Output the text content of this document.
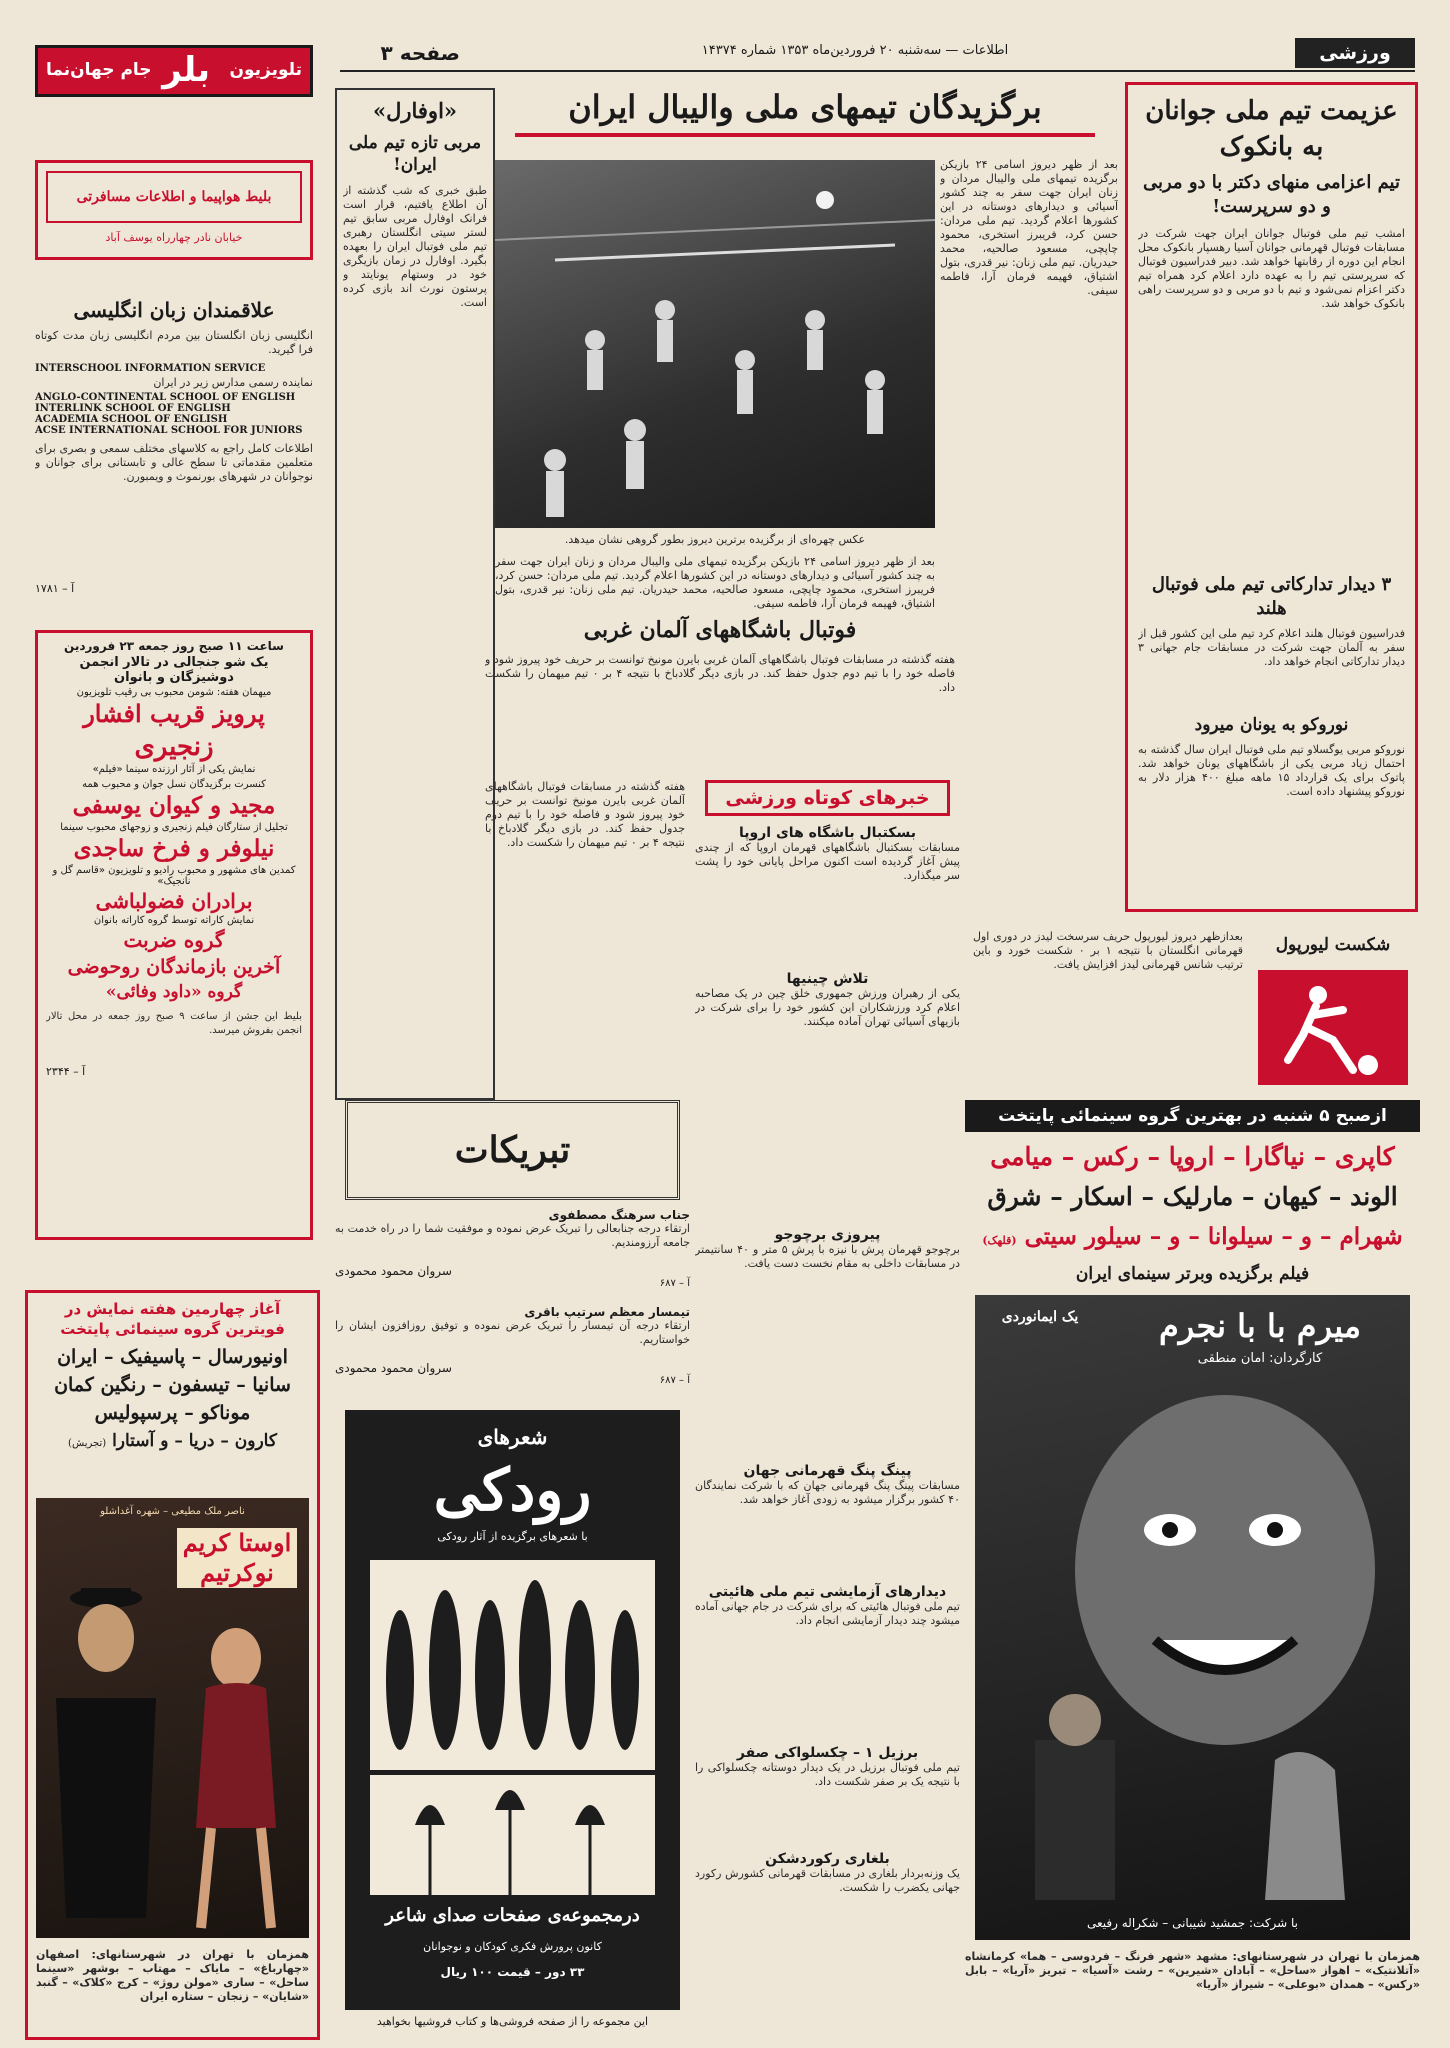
ورزشی
اطلاعات — سه‌شنبه ۲۰ فروردین‌ماه ۱۳۵۳ شماره ۱۴۳۷۴
صفحه ۳
عزیمت تیم ملی جوانان به بانکوک
تیم اعزامی منهای دکتر با دو مربی و دو سرپرست!
امشب تیم ملی فوتبال جوانان ایران جهت شرکت در مسابقات فوتبال قهرمانی جوانان آسیا رهسپار بانکوک محل انجام این دوره از رقابتها خواهد شد. دبیر فدراسیون فوتبال که سرپرستی تیم را به عهده دارد اعلام کرد همراه تیم دکتر اعزام نمی‌شود و تیم با دو مربی و دو سرپرست راهی بانکوک خواهد شد.
۳ دیدار تدارکاتی تیم ملی فوتبال هلند
فدراسیون فوتبال هلند اعلام کرد تیم ملی این کشور قبل از سفر به آلمان جهت شرکت در مسابقات جام جهانی ۳ دیدار تدارکاتی انجام خواهد داد.
نوروکو به یونان میرود
نوروکو مربی یوگسلاو تیم ملی فوتبال ایران سال گذشته به احتمال زیاد مربی یکی از باشگاههای یونان خواهد شد. پاتوک برای یک قرارداد ۱۵ ماهه مبلغ ۴۰۰ هزار دلار به نوروکو پیشنهاد داده است.
شکست لیورپول
بعدازظهر دیروز لیورپول حریف سرسخت لیدز در دوری اول قهرمانی انگلستان با نتیجه ۱ بر ۰ شکست خورد و باین ترتیب شانس قهرمانی لیدز افزایش یافت.
برگزیدگان تیمهای ملی والیبال ایران
عکس چهره‌ای از برگزیده برترین دیروز بطور گروهی نشان میدهد.
بعد از ظهر دیروز اسامی ۲۴ بازیکن برگزیده تیمهای ملی والیبال مردان و زنان ایران جهت سفر به چند کشور آسیائی و دیدارهای دوستانه در این کشورها اعلام گردید. تیم ملی مردان: حسن کرد، فریبرز استخری، محمود چاپچی، مسعود صالحیه، محمد حیدریان. تیم ملی زنان: نیر قدری، بتول اشتیاق، فهیمه فرمان آرا، فاطمه سیفی.
بعد از ظهر دیروز اسامی ۲۴ بازیکن برگزیده تیمهای ملی والیبال مردان و زنان ایران جهت سفر به چند کشور آسیائی و دیدارهای دوستانه در این کشورها اعلام گردید. تیم ملی مردان: حسن کرد، فریبرز استخری، محمود چاپچی، مسعود صالحیه، محمد حیدریان. تیم ملی زنان: نیر قدری، بتول اشتیاق، فهیمه فرمان آرا، فاطمه سیفی.
فوتبال باشگاههای آلمان غربی
هفته گذشته در مسابقات فوتبال باشگاههای آلمان غربی بایرن مونیخ توانست بر حریف خود پیروز شود و فاصله خود را با تیم دوم جدول حفظ کند. در بازی دیگر گلادباخ با نتیجه ۴ بر ۰ تیم میهمان را شکست داد.
خبرهای کوتاه ورزشی
بسکتبال باشگاه های اروپا
مسابقات بسکتبال باشگاههای قهرمان اروپا که از چندی پیش آغاز گردیده است اکنون مراحل پایانی خود را پشت سر میگذارد.
تلاش چینیها
یکی از رهبران ورزش جمهوری خلق چین در یک مصاحبه اعلام کرد ورزشکاران این کشور خود را برای شرکت در بازیهای آسیائی تهران آماده میکنند.
پیروزی برچوجو
برچوجو قهرمان پرش با نیزه با پرش ۵ متر و ۴۰ سانتیمتر در مسابقات داخلی به مقام نخست دست یافت.
پینگ پنگ قهرمانی جهان
مسابقات پینگ پنگ قهرمانی جهان که با شرکت نمایندگان ۴۰ کشور برگزار میشود به زودی آغاز خواهد شد.
دیدارهای آزمایشی تیم ملی هائیتی
تیم ملی فوتبال هائیتی که برای شرکت در جام جهانی آماده میشود چند دیدار آزمایشی انجام داد.
برزیل ۱ – چکسلواکی صفر
تیم ملی فوتبال برزیل در یک دیدار دوستانه چکسلواکی را با نتیجه یک بر صفر شکست داد.
بلغاری رکوردشکن
یک وزنه‌بردار بلغاری در مسابقات قهرمانی کشورش رکورد جهانی یکضرب را شکست.
هفته گذشته در مسابقات فوتبال باشگاههای آلمان غربی بایرن مونیخ توانست بر حریف خود پیروز شود و فاصله خود را با تیم دوم جدول حفظ کند. در بازی دیگر گلادباخ با نتیجه ۴ بر ۰ تیم میهمان را شکست داد.
«اوفارل»
مربی تازه تیم ملی ایران!
طبق خبری که شب گذشته از آن اطلاع یافتیم، قرار است فرانک اوفارل مربی سابق تیم لستر سیتی انگلستان رهبری تیم ملی فوتبال ایران را بعهده بگیرد. اوفارل در زمان بازیگری خود در وستهام یونایتد و پرستون نورث اند بازی کرده است.
تبریکات
جناب سرهنگ مصطفوی
ارتقاء درجه جنابعالی را تبریک عرض نموده و موفقیت شما را در راه خدمت به جامعه آرزومندیم.
سروان محمود محمودی
آ – ۶۸۷
تیمسار معظم سرتیپ باقری
ارتقاء درجه آن تیمسار را تبریک عرض نموده و توفیق روزافزون ایشان را خواستاریم.
سروان محمود محمودی
آ – ۶۸۷
شعرهای
رودکی
با شعرهای برگزیده از آثار رودکی
درمجموعه‌ی صفحات صدای شاعر
کانون پرورش فکری کودکان و نوجوانان
۳۳ دور – قیمت ۱۰۰ ریال
این مجموعه را از صفحه فروشی‌ها و کتاب فروشیها بخواهید
تلویزیون
بلر
جام جهان‌نما
بلیط هواپیما و اطلاعات مسافرتی
خیابان نادر چهارراه یوسف آباد
علاقمندان زبان انگلیسی
انگلیسی زبان انگلستان بین مردم انگلیسی زبان مدت کوتاه فرا گیرید.
INTERSCHOOL INFORMATION SERVICE
نماینده رسمی مدارس زیر در ایران
ANGLO-CONTINENTAL SCHOOL OF ENGLISH
INTERLINK SCHOOL OF ENGLISH
ACADEMIA SCHOOL OF ENGLISH
ACSE INTERNATIONAL SCHOOL FOR JUNIORS
اطلاعات کامل راجع به کلاسهای مختلف سمعی و بصری برای متعلمین مقدماتی تا سطح عالی و تابستانی برای جوانان و نوجوانان در شهرهای بورنموث و ویمبورن.
آ – ۱۷۸۱
ساعت ۱۱ صبح روز جمعه ۲۳ فروردین
یک شو جنجالی در تالار انجمن دوشیزگان و بانوان
میهمان هفته: شومن محبوب بی رقیب تلویزیون
پرویز قریب افشار
زنجیری
نمایش یکی از آثار ارزنده سینما «فیلم»
کنسرت برگزیدگان نسل جوان و محبوب همه
مجید و کیوان یوسفی
تجلیل از ستارگان فیلم زنجیری و زوجهای محبوب سینما
نیلوفر و فرخ ساجدی
کمدین های مشهور و محبوب رادیو و تلویزیون «قاسم گل و نانجیک»
برادران فضولباشی
نمایش کاراته توسط گروه کاراته بانوان
گروه ضربت
آخرین بازماندگان روحوضی
گروه «داود وفائی»
بلیط این جشن از ساعت ۹ صبح روز جمعه در محل تالار انجمن بفروش میرسد.
آ – ۲۳۴۴
آغاز چهارمین هفته نمایش در فویترین گروه سینمائی پایتخت
اونیورسال – پاسیفیک – ایران
سانیا – تیسفون – رنگین کمان
موناکو – پرسپولیس
کارون – دریا – و آستارا (تجریش)
ناصر ملک مطیعی – شهره آغداشلو
اوستا کریم نوکرتیم
همزمان با تهران در شهرستانهای: اصفهان «چهارباغ» – مایاک – مهتاب – بوشهر «سینما ساحل» – ساری «مولن روژ» – کرج «کلاک» – گنبد «شایان» – زنجان – ستاره ایران
ازصبح ۵ شنبه در بهترین گروه سینمائی پایتخت
کاپری – نیاگارا – اروپا – رکس – میامی
الوند – کیهان – مارلیک – اسکار – شرق
شهرام – و – سیلوانا – و – سیلور سیتی (قلهک)
فیلم برگزیده وبرتر سینمای ایران
یک ایمانوردی	میرم با با نجرم
کارگردان: امان منطقی
با شرکت: جمشید شیبانی – شکراله رفیعی
همزمان با تهران در شهرستانهای: مشهد «شهر فرنگ – فردوسی – هما» کرمانشاه «آتلانتیک» – اهواز «ساحل» – آبادان «شیرین» – رشت «آسیا» – تبریز «آریا» – بابل «رکس» – همدان «بوعلی» – شیراز «آریا»
